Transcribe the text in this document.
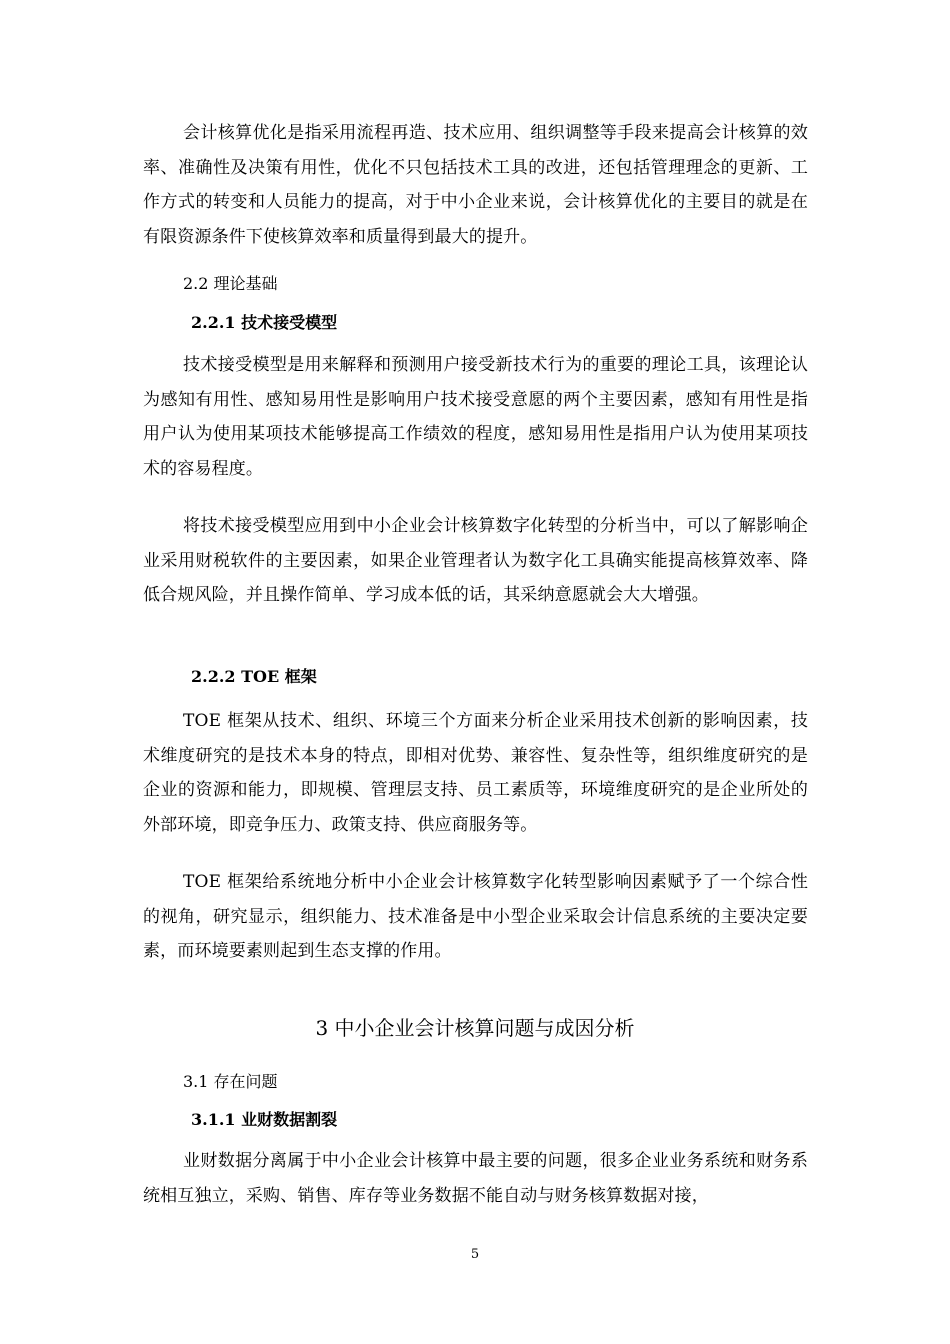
会计核算优化是指采用流程再造、技术应用、组织调整等手段来提高会计核算的效率、准确性及决策有用性，优化不只包括技术工具的改进，还包括管理理念的更新、工作方式的转变和人员能力的提高，对于中小企业来说，会计核算优化的主要目的就是在有限资源条件下使核算效率和质量得到最大的提升。

2.2 理论基础
2.2.1 技术接受模型

技术接受模型是用来解释和预测用户接受新技术行为的重要的理论工具，该理论认为感知有用性、感知易用性是影响用户技术接受意愿的两个主要因素，感知有用性是指用户认为使用某项技术能够提高工作绩效的程度，感知易用性是指用户认为使用某项技术的容易程度。

将技术接受模型应用到中小企业会计核算数字化转型的分析当中，可以了解影响企业采用财税软件的主要因素，如果企业管理者认为数字化工具确实能提高核算效率、降低合规风险，并且操作简单、学习成本低的话，其采纳意愿就会大大增强。

2.2.2 TOE 框架

TOE 框架从技术、组织、环境三个方面来分析企业采用技术创新的影响因素，技术维度研究的是技术本身的特点，即相对优势、兼容性、复杂性等，组织维度研究的是企业的资源和能力，即规模、管理层支持、员工素质等，环境维度研究的是企业所处的外部环境，即竞争压力、政策支持、供应商服务等。

TOE 框架给系统地分析中小企业会计核算数字化转型影响因素赋予了一个综合性的视角，研究显示，组织能力、技术准备是中小型企业采取会计信息系统的主要决定要素，而环境要素则起到生态支撑的作用。

3 中小企业会计核算问题与成因分析
3.1 存在问题
3.1.1 业财数据割裂

业财数据分离属于中小企业会计核算中最主要的问题，很多企业业务系统和财务系统相互独立，采购、销售、库存等业务数据不能自动与财务核算数据对接，

5
